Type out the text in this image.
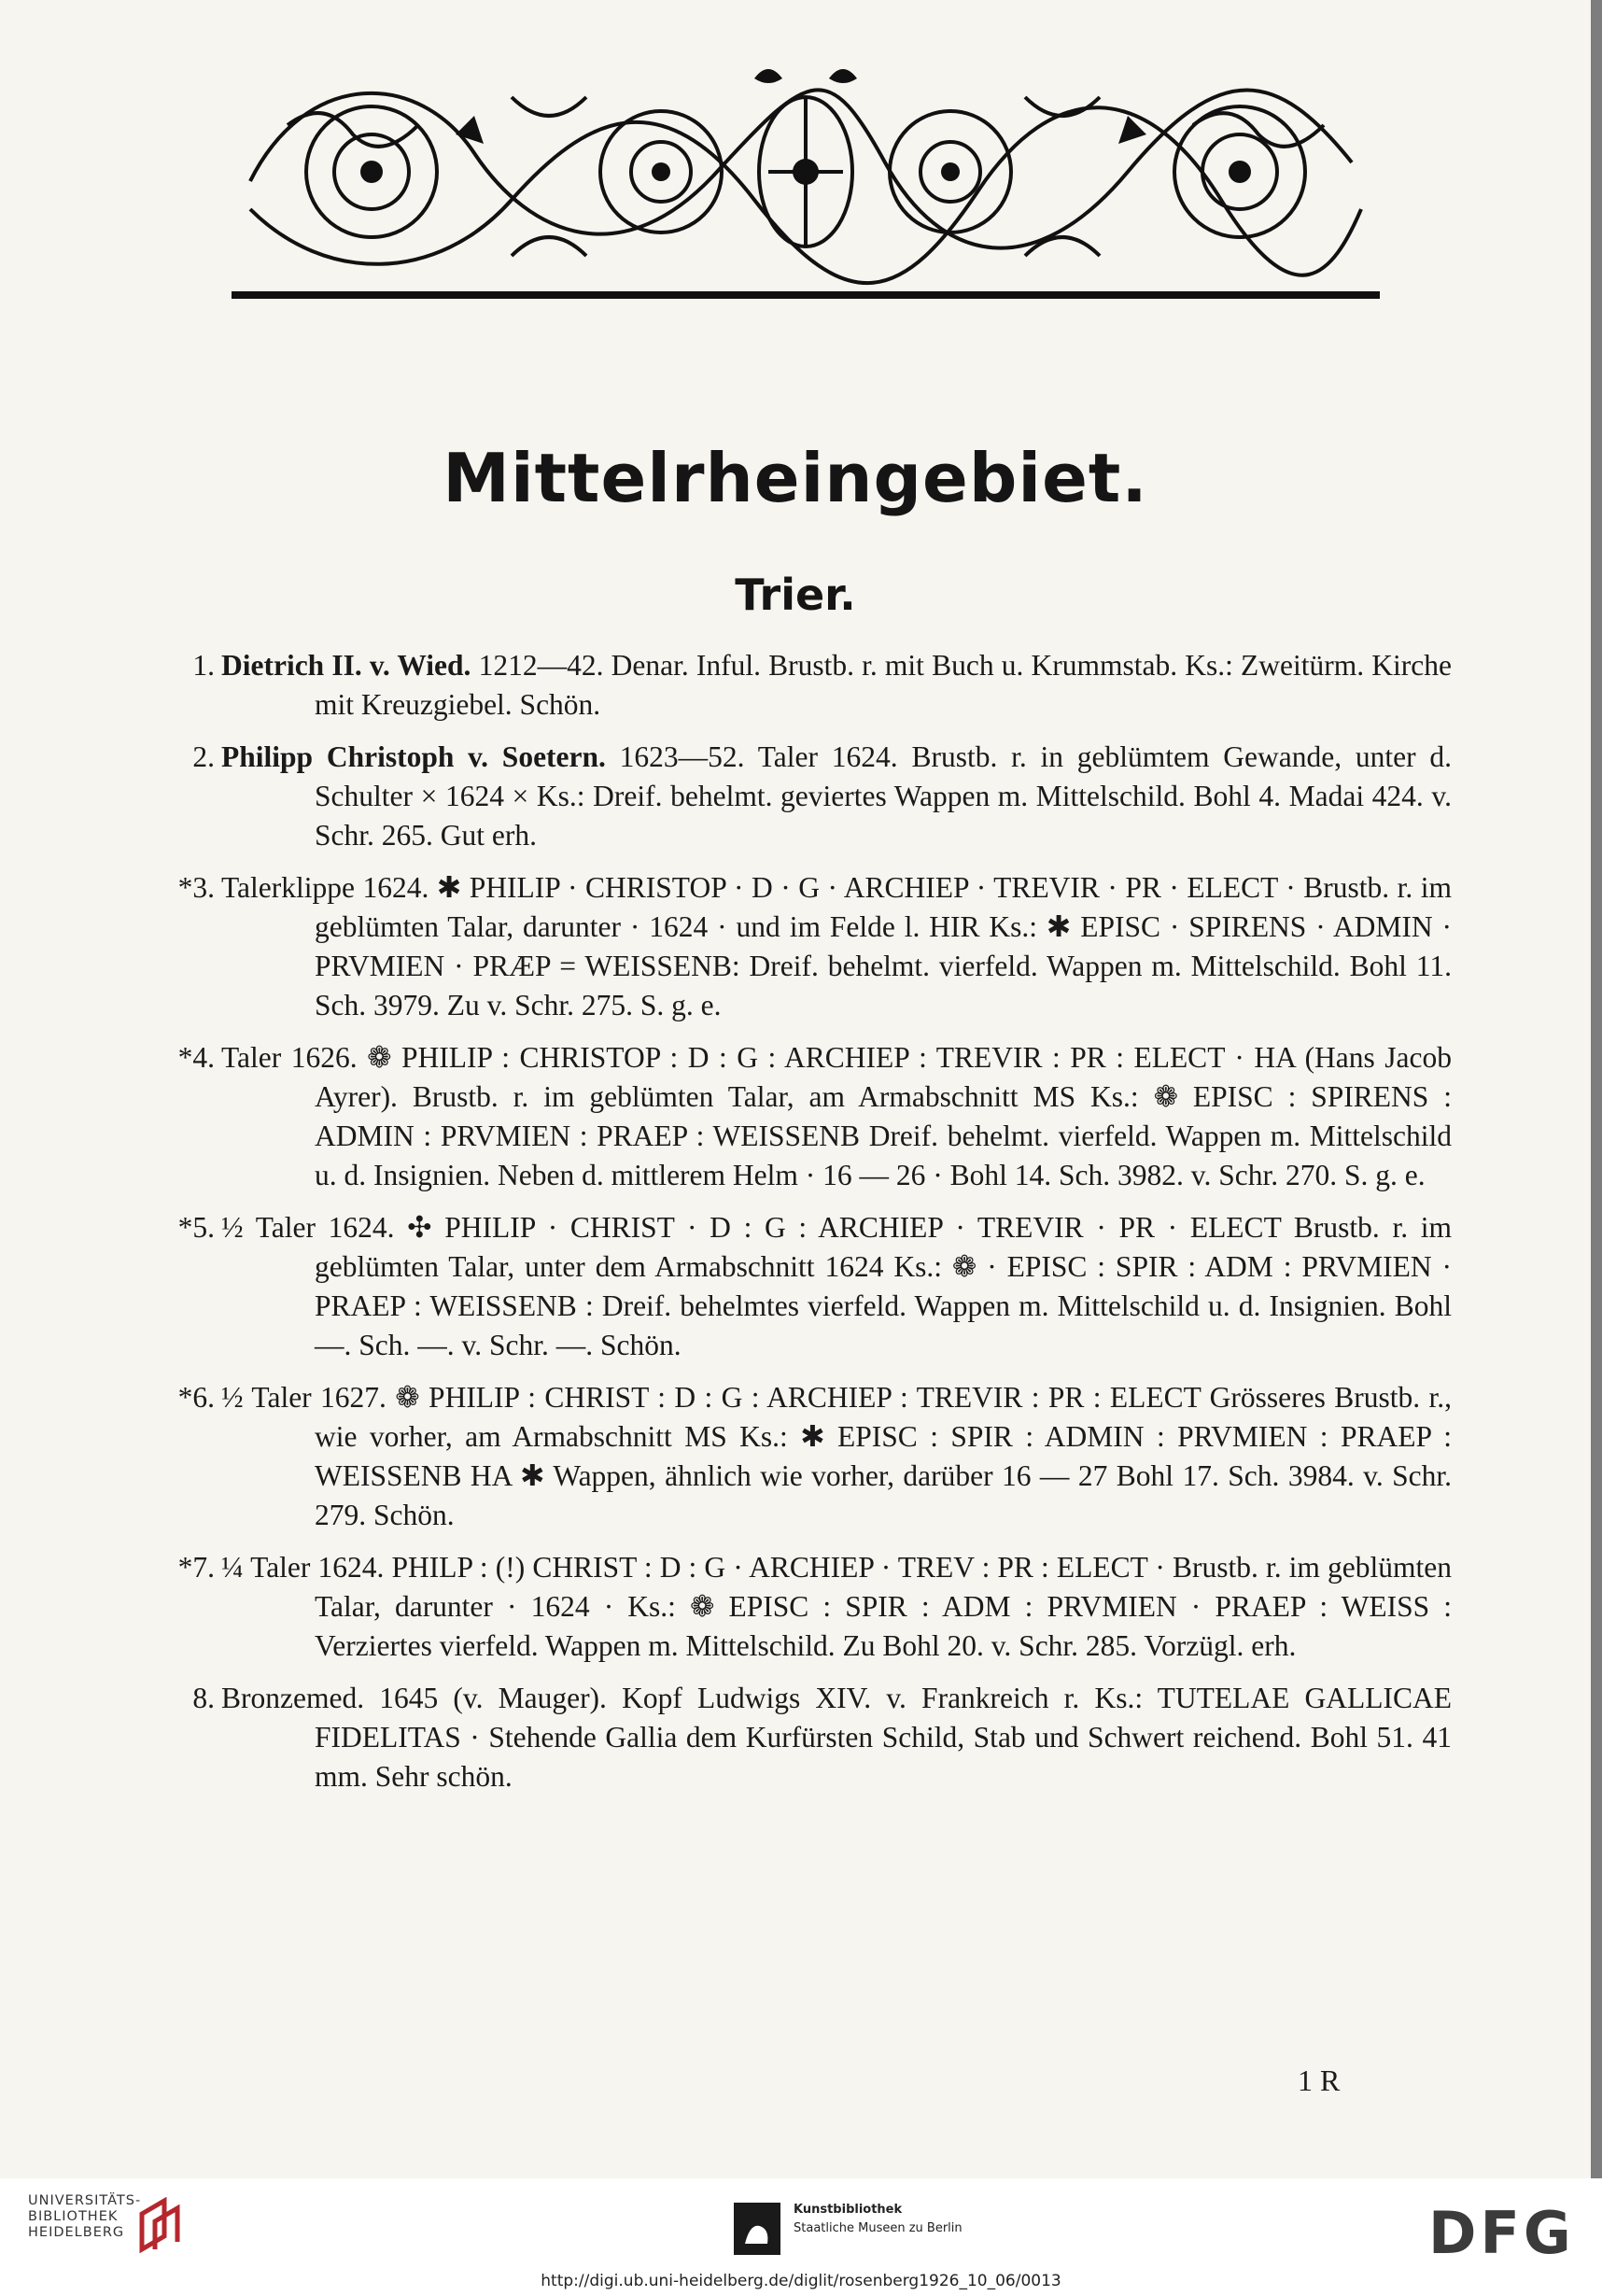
Mittelrheingebiet.
Trier.
1. Dietrich II. v. Wied. 1212—42. Denar. Inful. Brustb. r. mit Buch u. Krummstab. Ks.: Zweitürm. Kirche mit Kreuzgiebel. Schön.
2. Philipp Christoph v. Soetern. 1623—52. Taler 1624. Brustb. r. in geblümtem Gewande, unter d. Schulter × 1624 × Ks.: Dreif. behelmt. geviertes Wappen m. Mittelschild. Bohl 4. Madai 424. v. Schr. 265. Gut erh.
*3. Talerklippe 1624. ✱ PHILIP · CHRISTOP · D · G · ARCHIEP · TREVIR · PR · ELECT · Brustb. r. im geblümten Talar, darunter · 1624 · und im Felde l. HIR Ks.: ✱ EPISC · SPIRENS · ADMIN · PRVMIEN · PRÆP = WEISSENB: Dreif. behelmt. vierfeld. Wappen m. Mittelschild. Bohl 11. Sch. 3979. Zu v. Schr. 275. S. g. e.
*4. Taler 1626. ❁ PHILIP : CHRISTOP : D : G : ARCHIEP : TREVIR : PR : ELECT · HA (Hans Jacob Ayrer). Brustb. r. im geblümten Talar, am Armabschnitt MS Ks.: ❁ EPISC : SPIRENS : ADMIN : PRVMIEN : PRAEP : WEISSENB Dreif. behelmt. vierfeld. Wappen m. Mittelschild u. d. Insignien. Neben d. mittlerem Helm · 16 — 26 · Bohl 14. Sch. 3982. v. Schr. 270. S. g. e.
*5. ½ Taler 1624. ✣ PHILIP · CHRIST · D : G : ARCHIEP · TREVIR · PR · ELECT Brustb. r. im geblümten Talar, unter dem Armabschnitt 1624 Ks.: ❁ · EPISC : SPIR : ADM : PRVMIEN · PRAEP : WEISSENB : Dreif. behelmtes vierfeld. Wappen m. Mittelschild u. d. Insignien. Bohl —. Sch. —. v. Schr. —. Schön.
*6. ½ Taler 1627. ❁ PHILIP : CHRIST : D : G : ARCHIEP : TREVIR : PR : ELECT Grösseres Brustb. r., wie vorher, am Armabschnitt MS Ks.: ✱ EPISC : SPIR : ADMIN : PRVMIEN : PRAEP : WEISSENB HA ✱ Wappen, ähnlich wie vorher, darüber 16 — 27 Bohl 17. Sch. 3984. v. Schr. 279. Schön.
*7. ¼ Taler 1624. PHILP : (!) CHRIST : D : G · ARCHIEP · TREV : PR : ELECT · Brustb. r. im geblümten Talar, darunter · 1624 · Ks.: ❁ EPISC : SPIR : ADM : PRVMIEN · PRAEP : WEISS : Verziertes vierfeld. Wappen m. Mittelschild. Zu Bohl 20. v. Schr. 285. Vorzügl. erh.
8. Bronzemed. 1645 (v. Mauger). Kopf Ludwigs XIV. v. Frankreich r. Ks.: TUTELAE GALLICAE FIDELITAS · Stehende Gallia dem Kurfürsten Schild, Stab und Schwert reichend. Bohl 51. 41 mm. Sehr schön.
1 R
UNIVERSITÄTS-
BIBLIOTHEK
HEIDELBERG
Kunstbibliothek
Staatliche Museen zu Berlin	DFG
http://digi.ub.uni-heidelberg.de/diglit/rosenberg1926_10_06/0013
